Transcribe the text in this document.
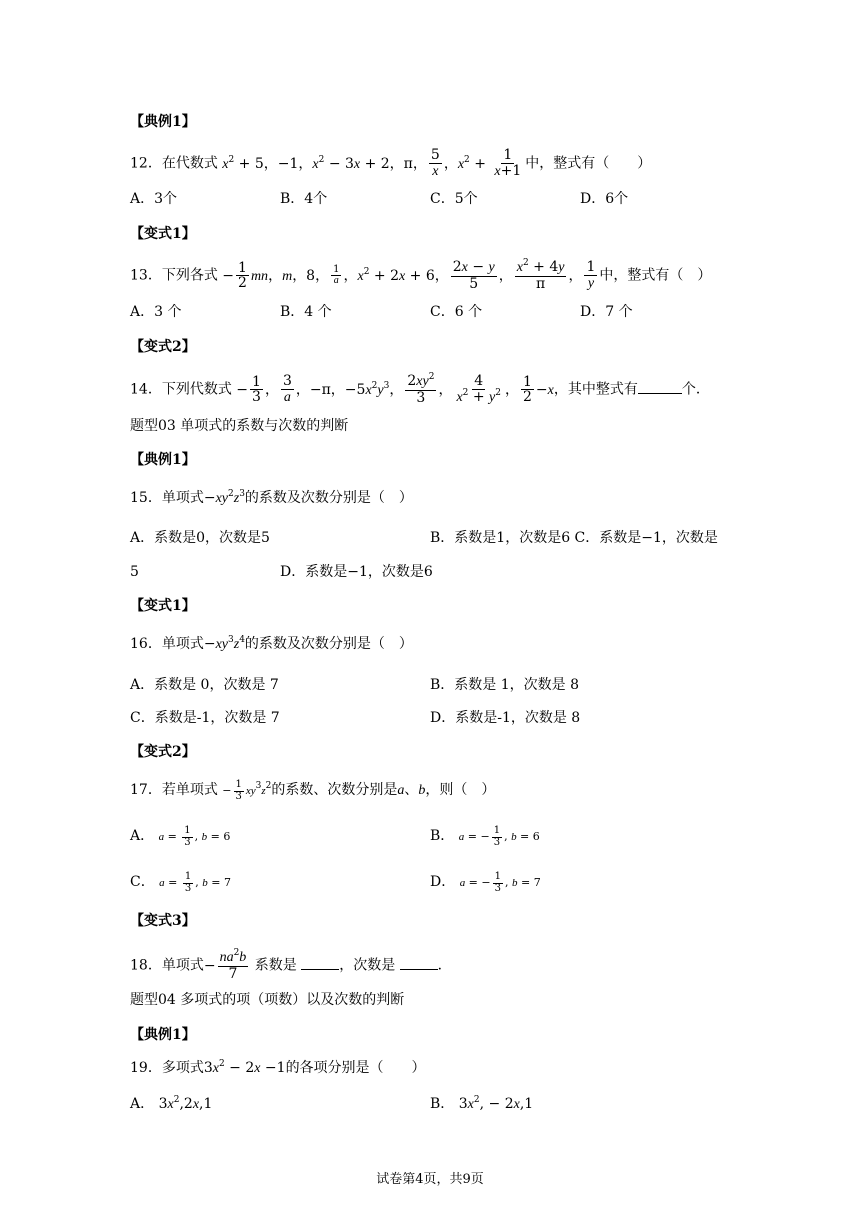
【典例1】
12．在代数式 $x^2 + 5$，−1，$x^2 - 3x + 2$，π， $\frac{5}{x}$ ，$x^2 + \frac{1}{x+1}$ 中，整式有（　　）
A．3个	B．4个	C．5个	D．6个
【变式1】
13．下列各式 − $\frac{1}{2}$ mn，m，8， $\frac{1}{a}$ ，$x^2 + 2x + 6$， $\frac{2x - y}{5}$ ， $\frac{x^2 + 4y}{\pi}$ ， $\frac{1}{y}$ 中，整式有（　）
A．3 个	B．4 个	C．6 个	D．7 个
【变式2】
14．下列代数式 − $\frac{1}{3}$ ， $\frac{3}{a}$ ，−π，$-5x^2y^3$， $\frac{2xy^2}{3}$ ， $\frac{4}{x^2 + y^2}$ ， $\frac{1}{2} -x$，其中整式有	个．
题型03 单项式的系数与次数的判断
【典例1】
15．单项式$-xy^2z^3$的系数及次数分别是（　）
A．系数是0，次数是5	B．系数是1，次数是6 C．系数是−1，次数是
5	D．系数是−1，次数是6
【变式1】
16．单项式$-xy^3z^4$的系数及次数分别是（　）
A．系数是 0，次数是 7	B．系数是 1，次数是 8
C．系数是-1，次数是 7	D．系数是-1，次数是 8
【变式2】
17．若单项式 − $\frac{1}{3} xy^3z^2$的系数、次数分别是a、b，则（　）
A． $a = \frac{1}{3}$ , b = 6	B． a = − $\frac{1}{3}$ , b = 6
C． $a = \frac{1}{3}$ , b = 7	D． a = − $\frac{1}{3}$ , b = 7
【变式3】
18．单项式− $\frac{na^2b}{7}$ 系数是	，次数是	．
题型04 多项式的项（项数）以及次数的判断
【典例1】
19．多项式$3x^2 - 2x -1$的各项分别是（　　）
A． $3x^2,2x,1$	B． $3x^2$, − 2x,1
试卷第4页，共9页
